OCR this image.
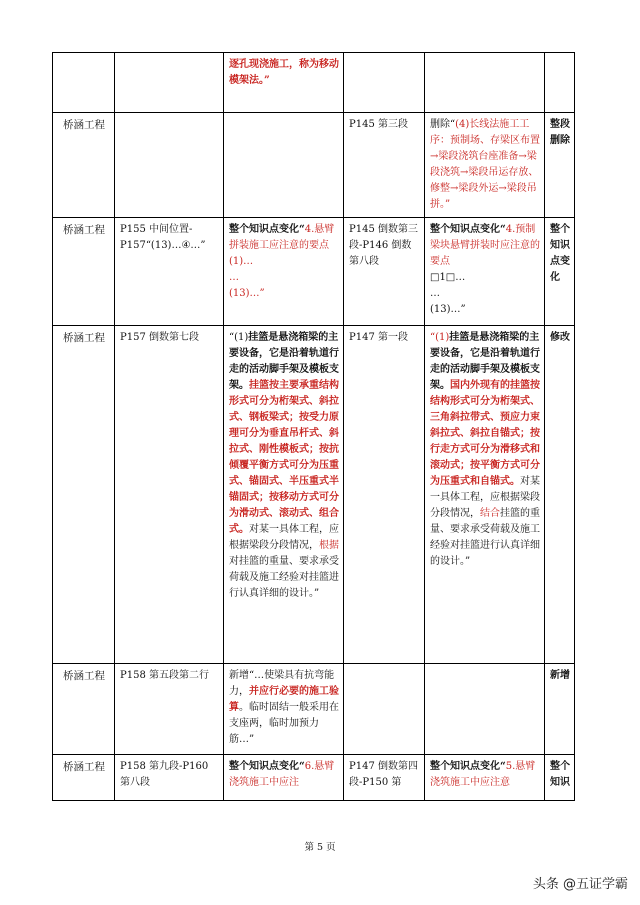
		逐孔现浇施工，称为移动模架法。”			
桥涵工程			P145 第三段	删除“(4)长线法施工工序：预制场、存梁区布置→梁段浇筑台座准备→梁段浇筑→梁段吊运存放、修整→梁段外运→梁段吊拼。”	整段删除
桥涵工程	P155 中间位置-P157“(13)…④…”	整个知识点变化“4.悬臂拼装施工应注意的要点
(1)…
…
(13)…”	P145 倒数第三段-P146 倒数第八段	整个知识点变化“4.预制梁块悬臂拼装时应注意的要点
□1□…
…
(13)…”	整个知识点变化
桥涵工程	P157 倒数第七段	“(1)挂篮是悬浇箱梁的主要设备，它是沿着轨道行走的活动脚手架及模板支架。挂篮按主要承重结构形式可分为桁架式、斜拉式、钢板梁式；按受力原理可分为垂直吊杆式、斜拉式、刚性模板式；按抗倾覆平衡方式可分为压重式、锚固式、半压重式半锚固式；按移动方式可分为滑动式、滚动式、组合式。对某一具体工程，应根据梁段分段情况，根据对挂篮的重量、要求承受荷载及施工经验对挂篮进行认真详细的设计。”	P147 第一段	“(1)挂篮是悬浇箱梁的主要设备，它是沿着轨道行走的活动脚手架及模板支架。国内外现有的挂篮按结构形式可分为桁架式、三角斜拉带式、预应力束斜拉式、斜拉自锚式；按行走方式可分为滑移式和滚动式；按平衡方式可分为压重式和自锚式。对某一具体工程，应根据梁段分段情况，结合挂篮的重量、要求承受荷载及施工经验对挂篮进行认真详细的设计。”	修改
桥涵工程	P158 第五段第二行	新增“…使梁具有抗弯能力，并应行必要的施工验算。临时固结一般采用在支座两，临时加预力筋…”			新增
桥涵工程	P158 第九段-P160 第八段	整个知识点变化“6.悬臂浇筑施工中应注	P147 倒数第四段-P150 第	整个知识点变化“5.悬臂浇筑施工中应注意	整个知识
第 5 页
头条 @五证学霸
